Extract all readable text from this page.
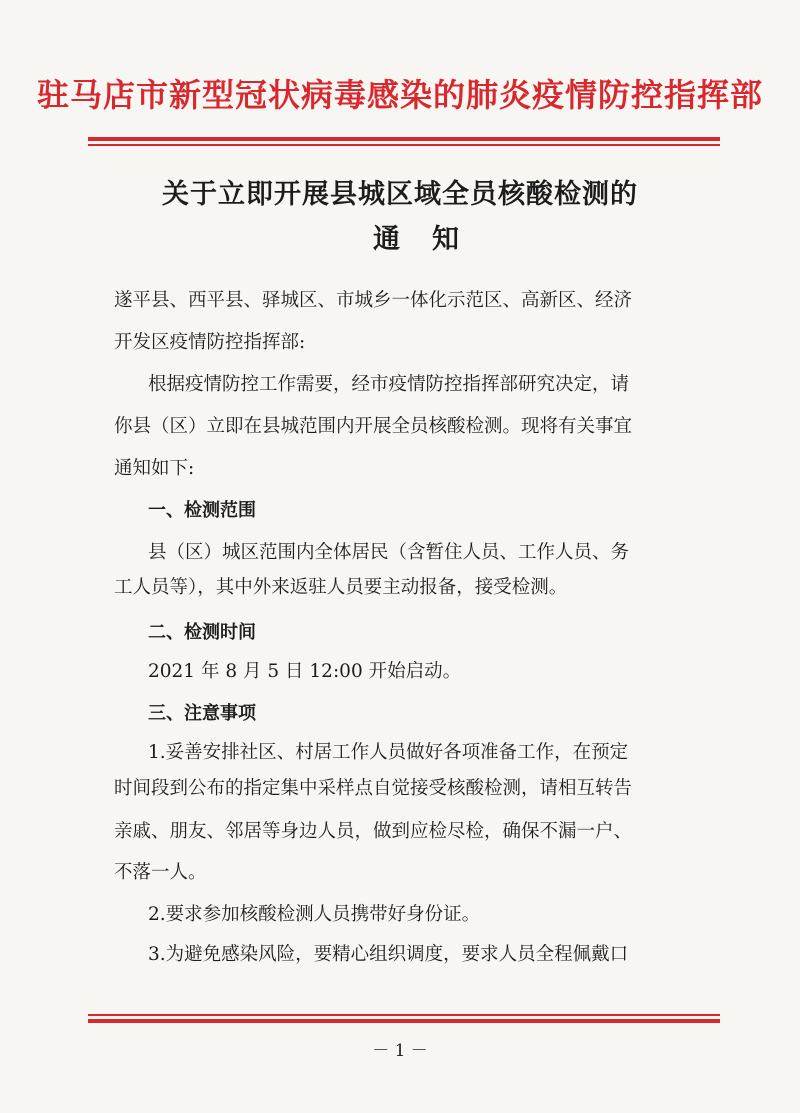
驻马店市新型冠状病毒感染的肺炎疫情防控指挥部
关于立即开展县城区域全员核酸检测的
通知
遂平县、西平县、驿城区、市城乡一体化示范区、高新区、经济
开发区疫情防控指挥部:
根据疫情防控工作需要，经市疫情防控指挥部研究决定，请
你县（区）立即在县城范围内开展全员核酸检测。现将有关事宜
通知如下:
一、检测范围
县（区）城区范围内全体居民（含暂住人员、工作人员、务
工人员等），其中外来返驻人员要主动报备，接受检测。
二、检测时间
2021 年 8 月 5 日 12:00 开始启动。
三、注意事项
1.妥善安排社区、村居工作人员做好各项准备工作，在预定
时间段到公布的指定集中采样点自觉接受核酸检测，请相互转告
亲戚、朋友、邻居等身边人员，做到应检尽检，确保不漏一户、
不落一人。
2.要求参加核酸检测人员携带好身份证。
3.为避免感染风险，要精心组织调度，要求人员全程佩戴口
－ 1 －
